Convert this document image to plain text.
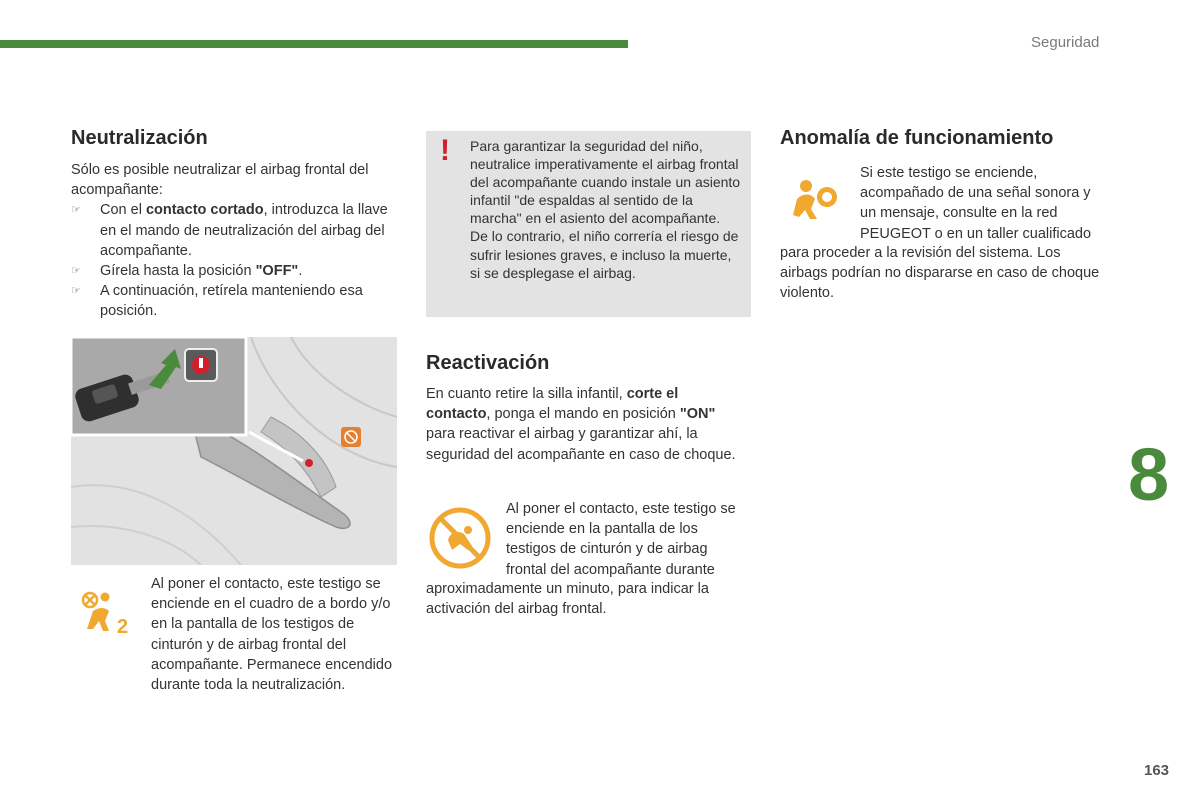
Seguridad
8
163
Neutralización

Sólo es posible neutralizar el airbag frontal del acompañante:

☞ Con el contacto cortado, introduzca la llave en el mando de neutralización del airbag del acompañante.
☞ Gírela hasta la posición "OFF".
☞ A continuación, retírela manteniendo esa posición.
2
Al poner el contacto, este testigo se enciende en el cuadro de a bordo y/o en la pantalla de los testigos de cinturón y de airbag frontal del acompañante. Permanece encendido durante toda la neutralización.
! Para garantizar la seguridad del niño, neutralice imperativamente el airbag frontal del acompañante cuando instale un asiento infantil "de espaldas al sentido de la marcha" en el asiento del acompañante.

De lo contrario, el niño correría el riesgo de sufrir lesiones graves, e incluso la muerte, si se desplegase el airbag.

Reactivación

En cuanto retire la silla infantil, corte el contacto, ponga el mando en posición "ON" para reactivar el airbag y garantizar ahí, la seguridad del acompañante en caso de choque.

Al poner el contacto, este testigo se enciende en la pantalla de los testigos de cinturón y de airbag frontal del acompañante durante
aproximadamente un minuto, para indicar la activación del airbag frontal.
Anomalía de funcionamiento
Si este testigo se enciende, acompañado de una señal sonora y un mensaje, consulte en la red PEUGEOT o en un taller cualificado
para proceder a la revisión del sistema. Los airbags podrían no dispararse en caso de choque violento.
